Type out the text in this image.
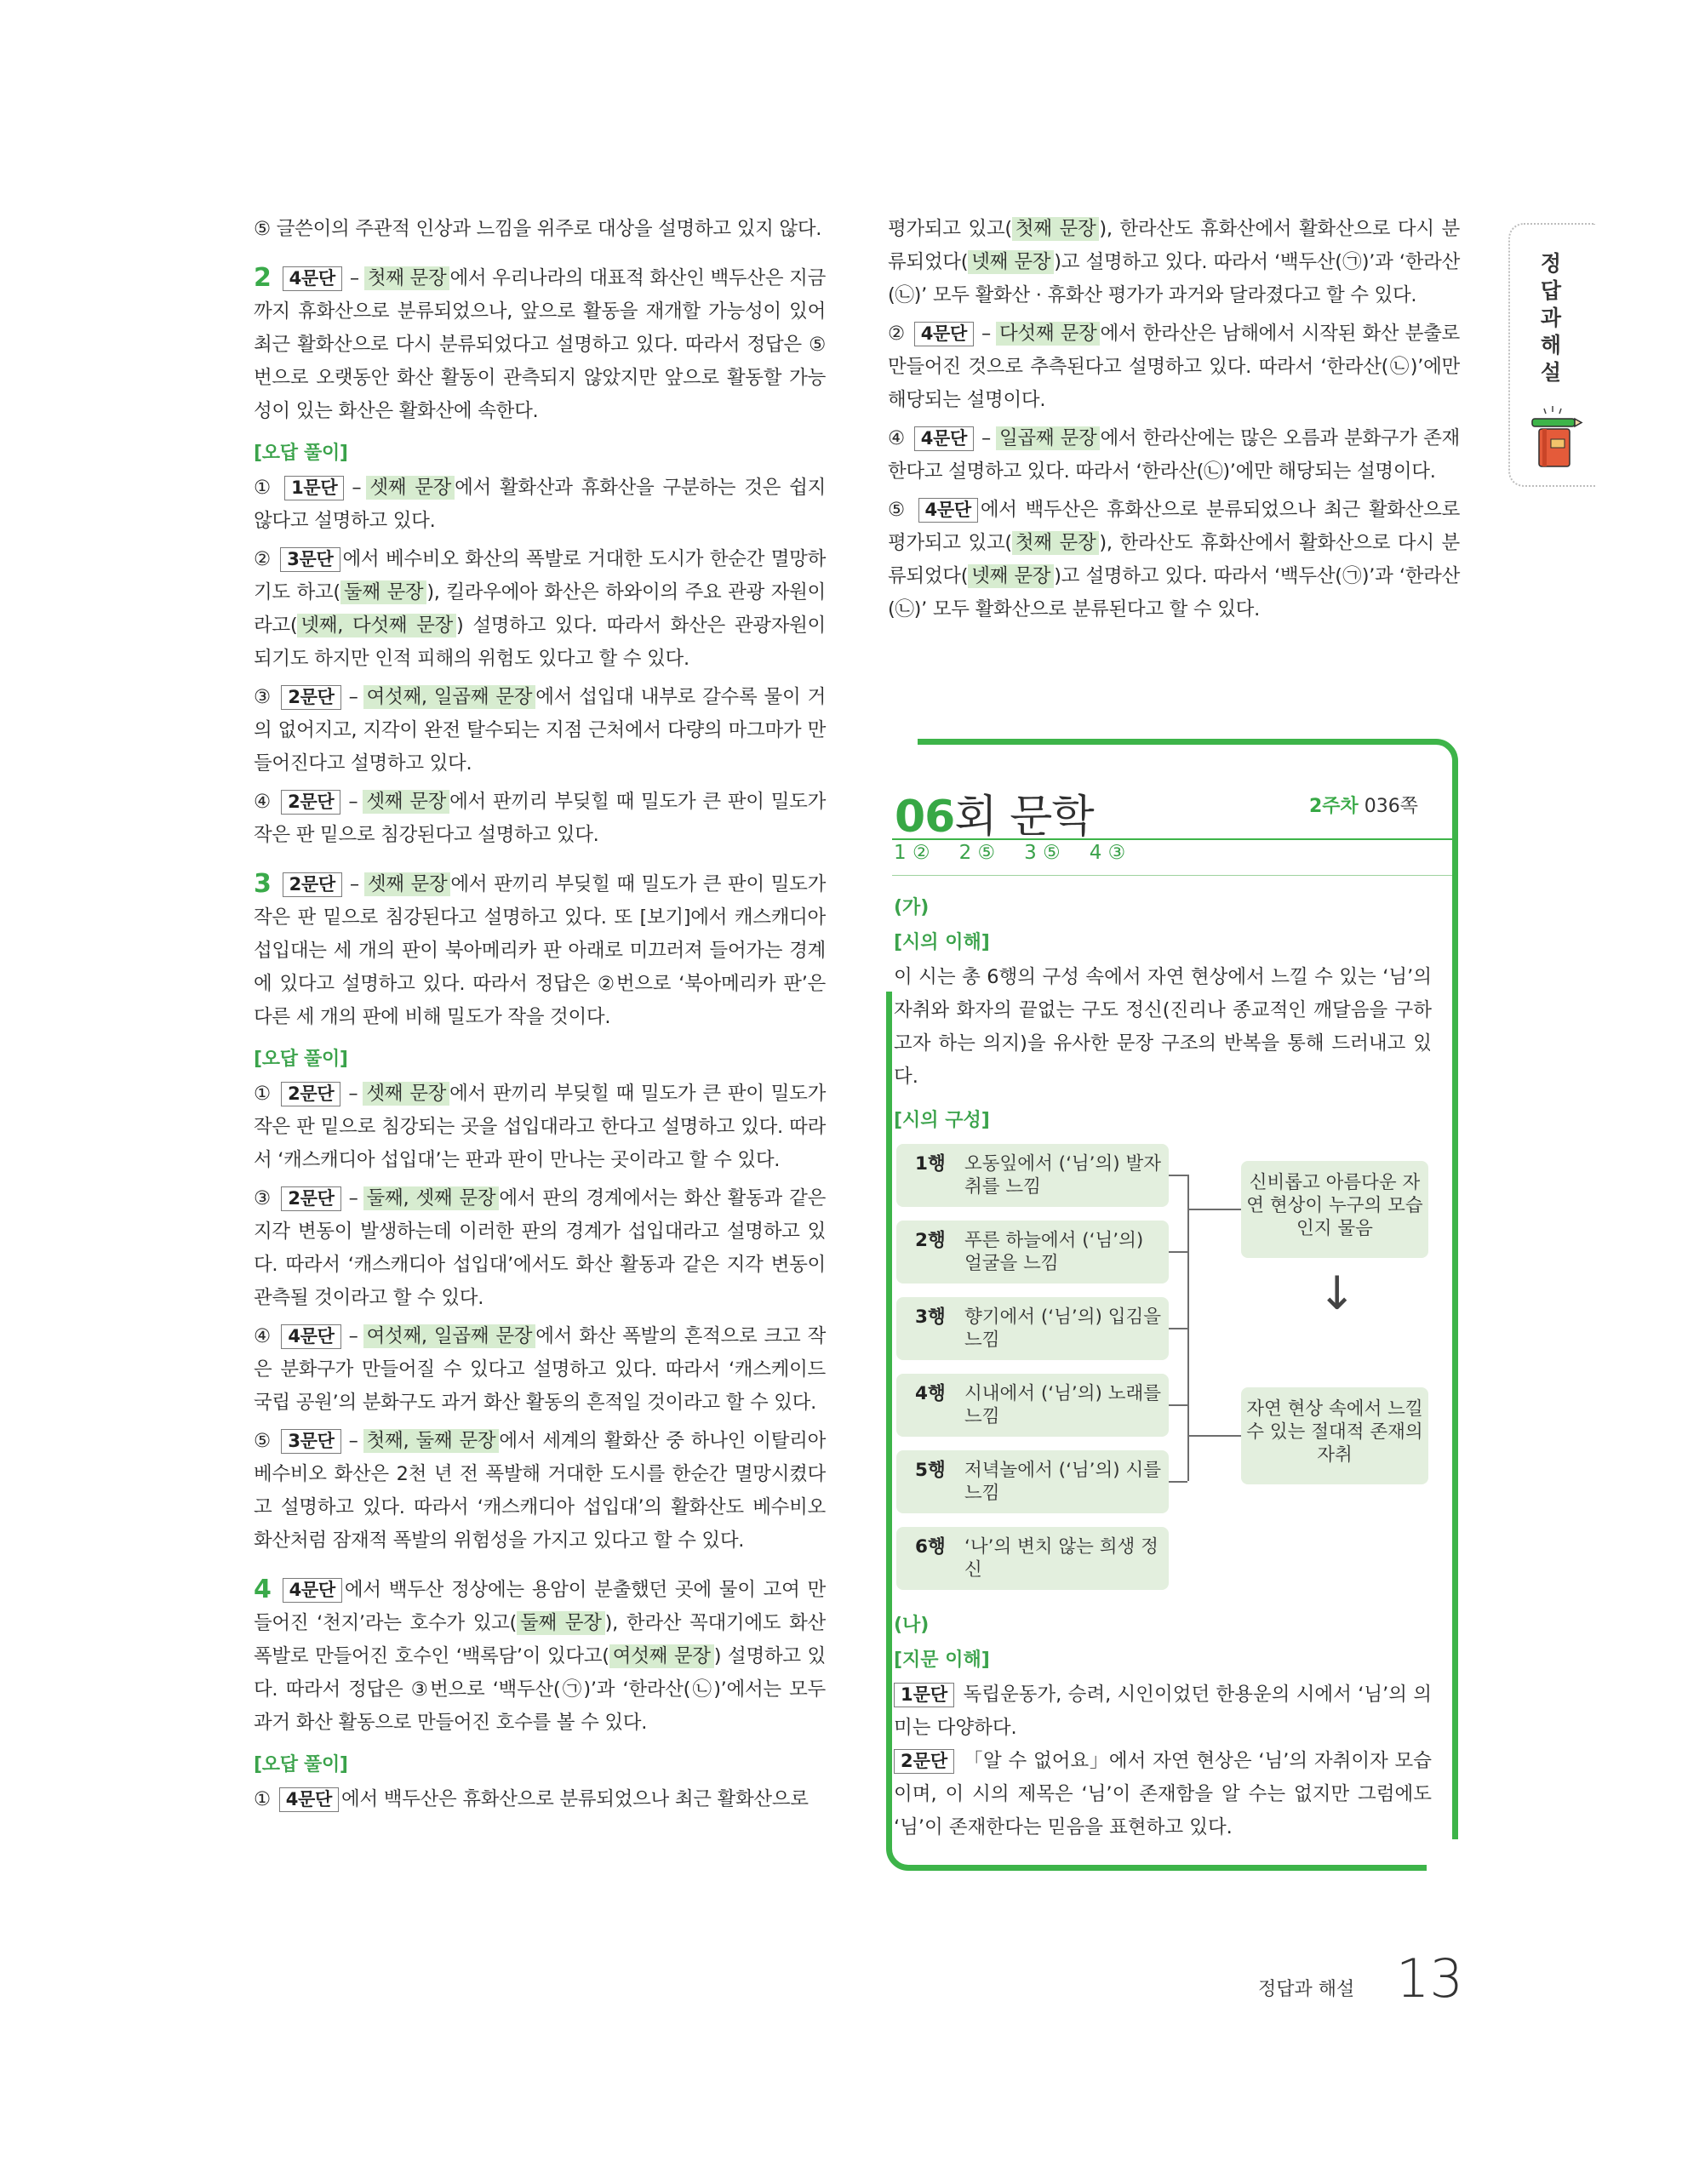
⑤ 글쓴이의 주관적 인상과 느낌을 위주로 대상을 설명하고 있지 않다.

2 4문단 – 첫째 문장 에서 우리나라의 대표적 화산인 백두산은 지금까지 휴화산으로 분류되었으나, 앞으로 활동을 재개할 가능성이 있어 최근 활화산으로 다시 분류되었다고 설명하고 있다. 따라서 정답은 ⑤번으로 오랫동안 화산 활동이 관측되지 않았지만 앞으로 활동할 가능성이 있는 화산은 활화산에 속한다.

[오답 풀이]

① 1문단 – 셋째 문장 에서 활화산과 휴화산을 구분하는 것은 쉽지 않다고 설명하고 있다.

② 3문단 에서 베수비오 화산의 폭발로 거대한 도시가 한순간 멸망하기도 하고( 둘째 문장 ), 킬라우에아 화산은 하와이의 주요 관광 자원이라고( 넷째, 다섯째 문장 ) 설명하고 있다. 따라서 화산은 관광자원이 되기도 하지만 인적 피해의 위험도 있다고 할 수 있다.

③ 2문단 – 여섯째, 일곱째 문장 에서 섭입대 내부로 갈수록 물이 거의 없어지고, 지각이 완전 탈수되는 지점 근처에서 다량의 마그마가 만들어진다고 설명하고 있다.

④ 2문단 – 셋째 문장 에서 판끼리 부딪힐 때 밀도가 큰 판이 밀도가 작은 판 밑으로 침강된다고 설명하고 있다.

3 2문단 – 셋째 문장 에서 판끼리 부딪힐 때 밀도가 큰 판이 밀도가 작은 판 밑으로 침강된다고 설명하고 있다. 또 [보기]에서 캐스캐디아 섭입대는 세 개의 판이 북아메리카 판 아래로 미끄러져 들어가는 경계에 있다고 설명하고 있다. 따라서 정답은 ②번으로 ‘북아메리카 판’은 다른 세 개의 판에 비해 밀도가 작을 것이다.

[오답 풀이]

① 2문단 – 셋째 문장 에서 판끼리 부딪힐 때 밀도가 큰 판이 밀도가 작은 판 밑으로 침강되는 곳을 섭입대라고 한다고 설명하고 있다. 따라서 ‘캐스캐디아 섭입대’는 판과 판이 만나는 곳이라고 할 수 있다.

③ 2문단 – 둘째, 셋째 문장 에서 판의 경계에서는 화산 활동과 같은 지각 변동이 발생하는데 이러한 판의 경계가 섭입대라고 설명하고 있다. 따라서 ‘캐스캐디아 섭입대’에서도 화산 활동과 같은 지각 변동이 관측될 것이라고 할 수 있다.

④ 4문단 – 여섯째, 일곱째 문장 에서 화산 폭발의 흔적으로 크고 작은 분화구가 만들어질 수 있다고 설명하고 있다. 따라서 ‘캐스케이드 국립 공원’의 분화구도 과거 화산 활동의 흔적일 것이라고 할 수 있다.

⑤ 3문단 – 첫째, 둘째 문장 에서 세계의 활화산 중 하나인 이탈리아 베수비오 화산은 2천 년 전 폭발해 거대한 도시를 한순간 멸망시켰다고 설명하고 있다. 따라서 ‘캐스캐디아 섭입대’의 활화산도 베수비오 화산처럼 잠재적 폭발의 위험성을 가지고 있다고 할 수 있다.

4 4문단 에서 백두산 정상에는 용암이 분출했던 곳에 물이 고여 만들어진 ‘천지’라는 호수가 있고( 둘째 문장 ), 한라산 꼭대기에도 화산 폭발로 만들어진 호수인 ‘백록담’이 있다고( 여섯째 문장 ) 설명하고 있다. 따라서 정답은 ③번으로 ‘백두산(㉠)’과 ‘한라산(㉡)’에서는 모두 과거 화산 활동으로 만들어진 호수를 볼 수 있다.

[오답 풀이]

① 4문단 에서 백두산은 휴화산으로 분류되었으나 최근 활화산으로

평가되고 있고( 첫째 문장 ), 한라산도 휴화산에서 활화산으로 다시 분류되었다( 넷째 문장 )고 설명하고 있다. 따라서 ‘백두산(㉠)’과 ‘한라산(㉡)’ 모두 활화산 · 휴화산 평가가 과거와 달라졌다고 할 수 있다.

② 4문단 – 다섯째 문장 에서 한라산은 남해에서 시작된 화산 분출로 만들어진 것으로 추측된다고 설명하고 있다. 따라서 ‘한라산(㉡)’에만 해당되는 설명이다.

④ 4문단 – 일곱째 문장 에서 한라산에는 많은 오름과 분화구가 존재한다고 설명하고 있다. 따라서 ‘한라산(㉡)’에만 해당되는 설명이다.

⑤ 4문단 에서 백두산은 휴화산으로 분류되었으나 최근 활화산으로 평가되고 있고( 첫째 문장 ), 한라산도 휴화산에서 활화산으로 다시 분류되었다( 넷째 문장 )고 설명하고 있다. 따라서 ‘백두산(㉠)’과 ‘한라산(㉡)’ 모두 활화산으로 분류된다고 할 수 있다.

정답과해설
06회 문학	2주차 036쪽
1 ② 2 ⑤ 3 ⑤ 4 ③
(가)
[시의 이해]

이 시는 총 6행의 구성 속에서 자연 현상에서 느낄 수 있는 ‘님’의 자취와 화자의 끝없는 구도 정신(진리나 종교적인 깨달음을 구하고자 하는 의지)을 유사한 문장 구조의 반복을 통해 드러내고 있다.

[시의 구성]
1행 오동잎에서 (‘님’의) 발자취를 느낌
2행 푸른 하늘에서 (‘님’의) 얼굴을 느낌
3행 향기에서 (‘님’의) 입김을 느낌
4행 시내에서 (‘님’의) 노래를 느낌
5행 저녁놀에서 (‘님’의) 시를 느낌
6행 ‘나’의 변치 않는 희생 정신
신비롭고 아름다운 자연 현상이 누구의 모습인지 물음
자연 현상 속에서 느낄 수 있는 절대적 존재의 자취
↓
(나)
[지문 이해]

1문단 독립운동가, 승려, 시인이었던 한용운의 시에서 ‘님’의 의미는 다양하다.

2문단 「알 수 없어요」에서 자연 현상은 ‘님’의 자취이자 모습이며, 이 시의 제목은 ‘님’이 존재함을 알 수는 없지만 그럼에도 ‘님’이 존재한다는 믿음을 표현하고 있다.

정답과 해설 13
